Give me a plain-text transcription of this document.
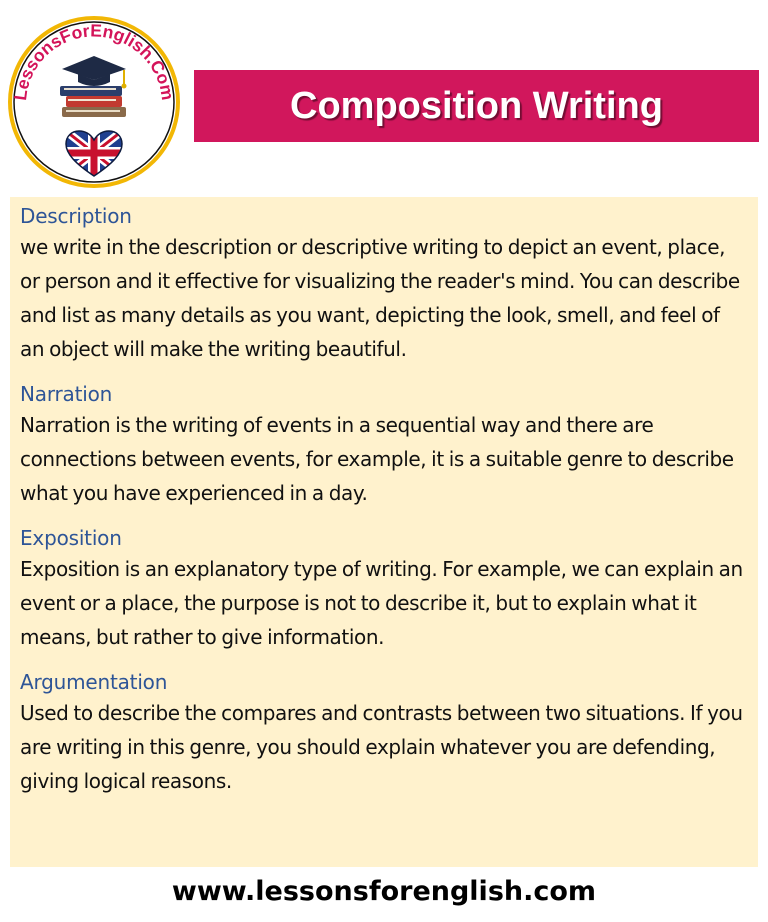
LessonsForEnglish.Com	Composition Writing
Description
we write in the description or descriptive writing to depict an event, place, or person and it effective for visualizing the reader's mind. You can describe and list as many details as you want, depicting the look, smell, and feel of an object will make the writing beautiful.
Narration
Narration is the writing of events in a sequential way and there are connections between events, for example, it is a suitable genre to describe what you have experienced in a day.
Exposition
Exposition is an explanatory type of writing. For example, we can explain an event or a place, the purpose is not to describe it, but to explain what it means, but rather to give information.
Argumentation
Used to describe the compares and contrasts between two situations. If you are writing in this genre, you should explain whatever you are defending, giving logical reasons.
www.lessonsforenglish.com
